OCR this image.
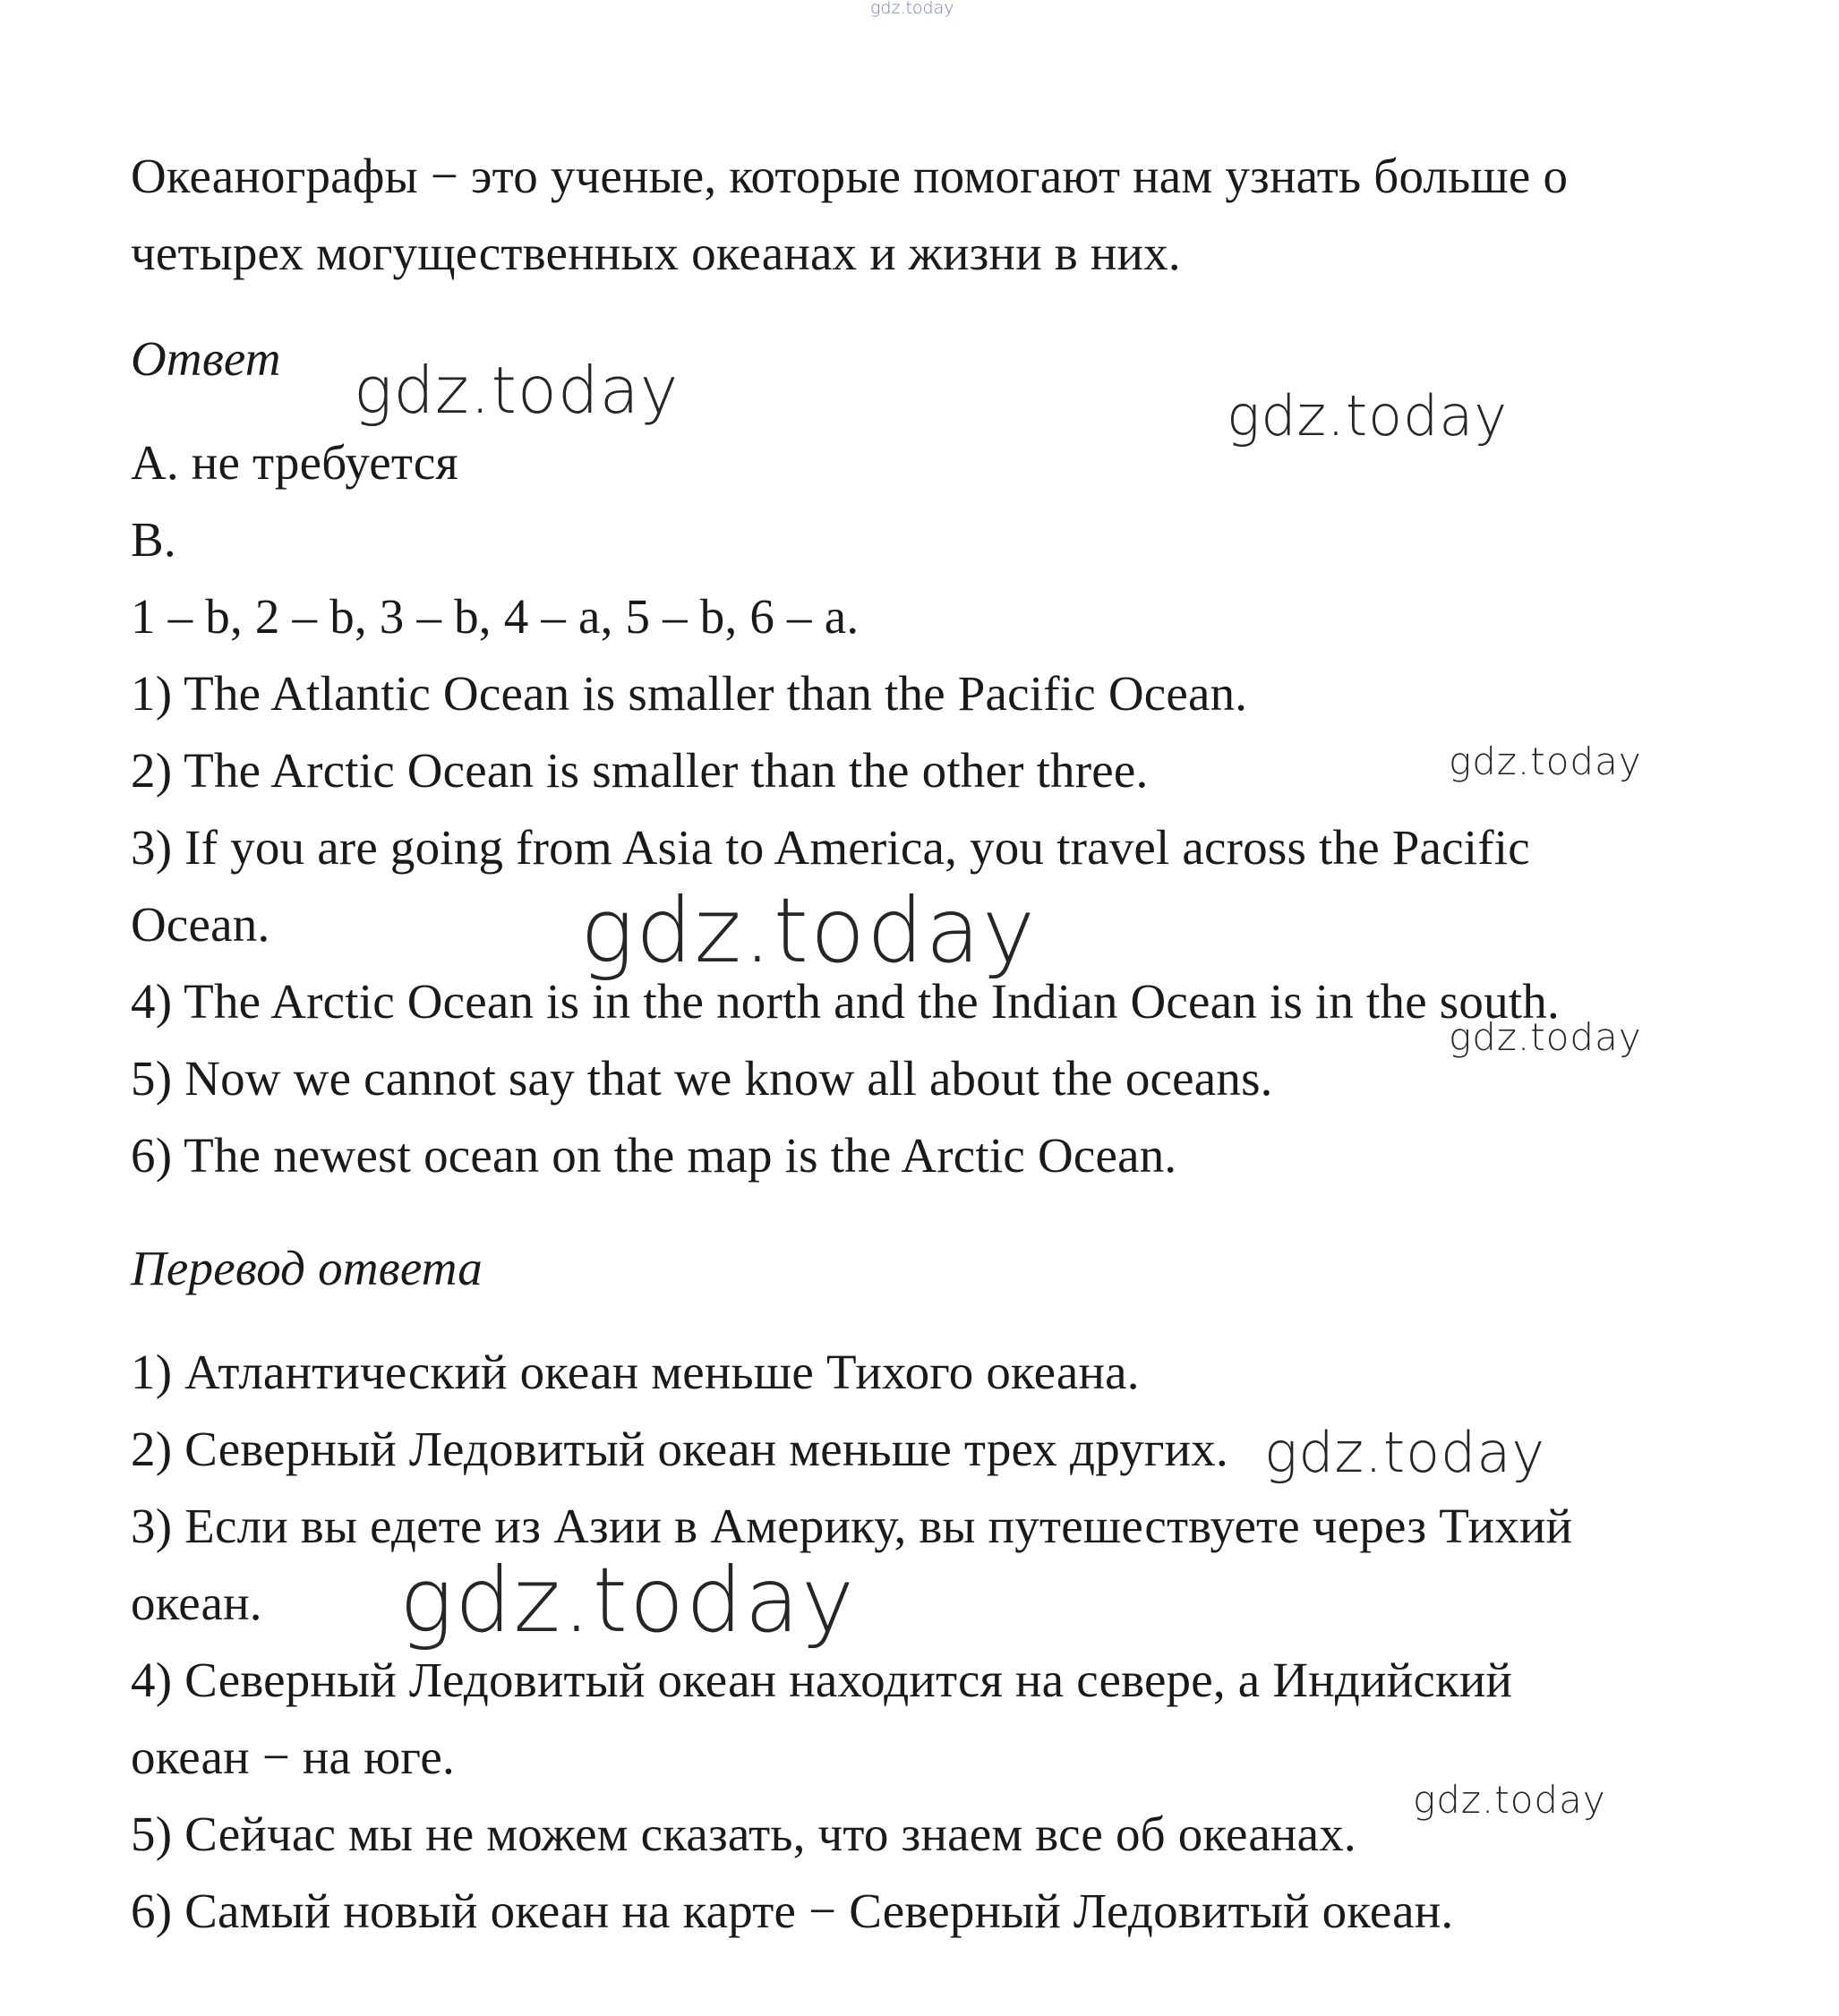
gdz.today
Океанографы − это ученые, которые помогают нам узнать больше о
четырех могущественных океанах и жизни в них.
Ответ
А. не требуется
В.
1 – b, 2 – b, 3 – b, 4 – a, 5 – b, 6 – a.
1) The Atlantic Ocean is smaller than the Pacific Ocean.
2) The Arctic Ocean is smaller than the other three.
3) If you are going from Asia to America, you travel across the Pacific
Ocean.
4) The Arctic Ocean is in the north and the Indian Ocean is in the south.
5) Now we cannot say that we know all about the oceans.
6) The newest ocean on the map is the Arctic Ocean.
Перевод ответа
1) Атлантический океан меньше Тихого океана.
2) Северный Ледовитый океан меньше трех других.
3) Если вы едете из Азии в Америку, вы путешествуете через Тихий
океан.
4) Северный Ледовитый океан находится на севере, а Индийский
океан − на юге.
5) Сейчас мы не можем сказать, что знаем все об океанах.
6) Самый новый океан на карте − Северный Ледовитый океан.
gdz.today	gdz.today
gdz.today
gdz.today
gdz.today
gdz.today
gdz.today
gdz.today
